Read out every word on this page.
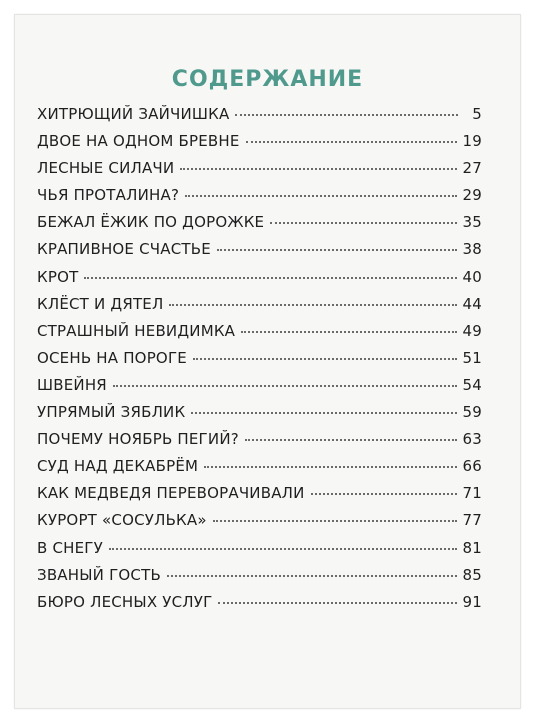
СОДЕРЖАНИЕ
ХИТРЮЩИЙ ЗАЙЧИШКА	5
ДВОЕ НА ОДНОМ БРЕВНЕ	19
ЛЕСНЫЕ СИЛАЧИ	27
ЧЬЯ ПРОТАЛИНА?	29
БЕЖАЛ ЁЖИК ПО ДОРОЖКЕ	35
КРАПИВНОЕ СЧАСТЬЕ	38
КРОТ	40
КЛЁСТ И ДЯТЕЛ	44
СТРАШНЫЙ НЕВИДИМКА	49
ОСЕНЬ НА ПОРОГЕ	51
ШВЕЙНЯ	54
УПРЯМЫЙ ЗЯБЛИК	59
ПОЧЕМУ НОЯБРЬ ПЕГИЙ?	63
СУД НАД ДЕКАБРЁМ	66
КАК МЕДВЕДЯ ПЕРЕВОРАЧИВАЛИ	71
КУРОРТ «СОСУЛЬКА»	77
В СНЕГУ	81
ЗВАНЫЙ ГОСТЬ	85
БЮРО ЛЕСНЫХ УСЛУГ	91
